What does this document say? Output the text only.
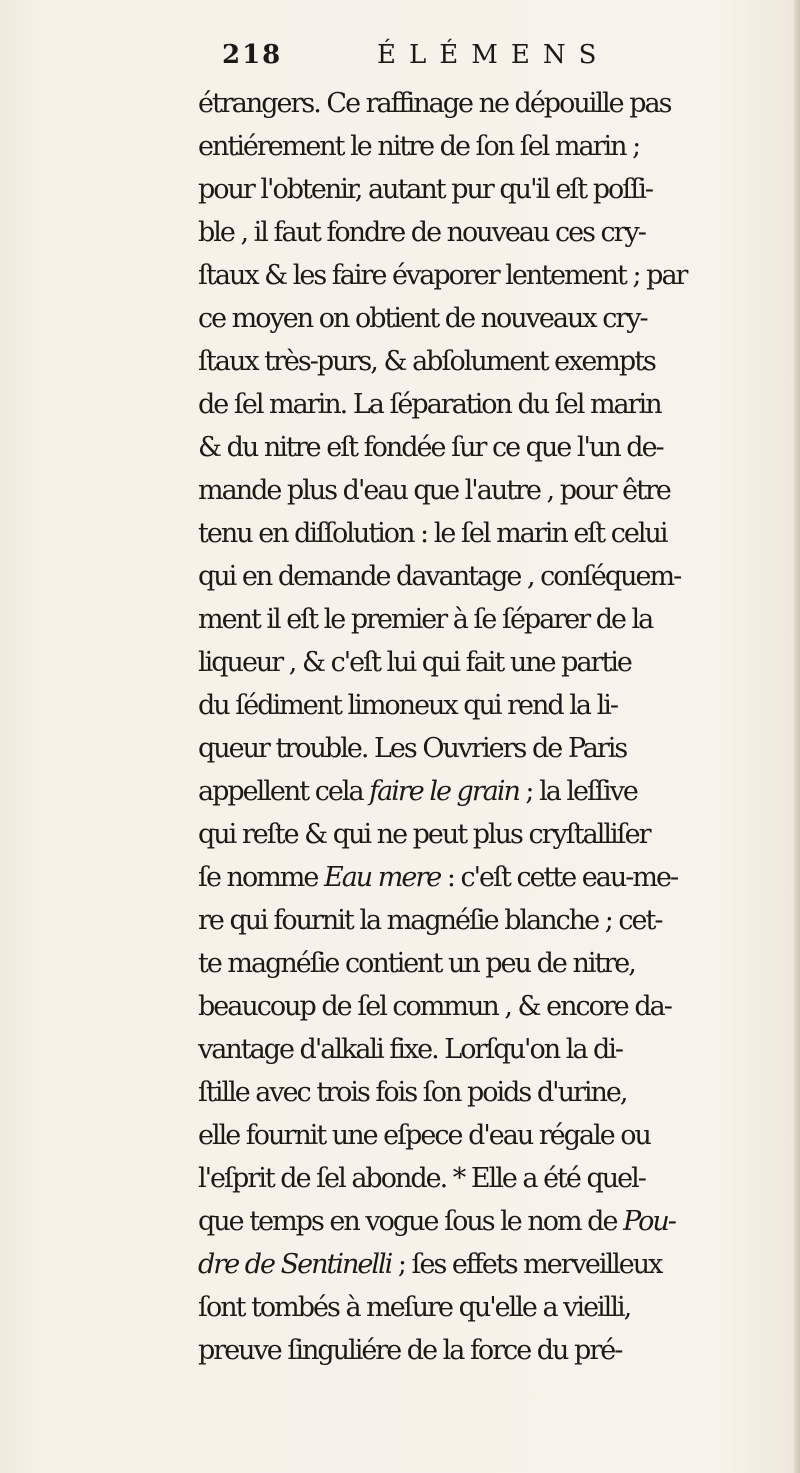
218	ÉLÉMENS
étrangers. Ce raffinage ne dépouille pas
entiérement le nitre de ſon ſel marin ;
pour l'obtenir, autant pur qu'il eſt poſſi-
ble , il faut fondre de nouveau ces cry-
ſtaux & les faire évaporer lentement ; par
ce moyen on obtient de nouveaux cry-
ſtaux très-purs, & abſolument exempts
de ſel marin. La ſéparation du ſel marin
& du nitre eſt fondée ſur ce que l'un de-
mande plus d'eau que l'autre , pour être
tenu en diſſolution : le ſel marin eſt celui
qui en demande davantage , conſéquem-
ment il eſt le premier à ſe ſéparer de la
liqueur , & c'eſt lui qui fait une partie
du ſédiment limoneux qui rend la li-
queur trouble. Les Ouvriers de Paris
appellent cela faire le grain ; la leſſive
qui reſte & qui ne peut plus cryſtalliſer
ſe nomme Eau mere : c'eſt cette eau-me-
re qui fournit la magnéſie blanche ; cet-
te magnéſie contient un peu de nitre,
beaucoup de ſel commun , & encore da-
vantage d'alkali fixe. Lorſqu'on la di-
ſtille avec trois fois ſon poids d'urine,
elle fournit une eſpece d'eau régale ou
l'eſprit de ſel abonde. * Elle a été quel-
que temps en vogue ſous le nom de Pou-
dre de Sentinelli ; ſes effets merveilleux
ſont tombés à meſure qu'elle a vieilli,
preuve ſinguliére de la force du pré-
